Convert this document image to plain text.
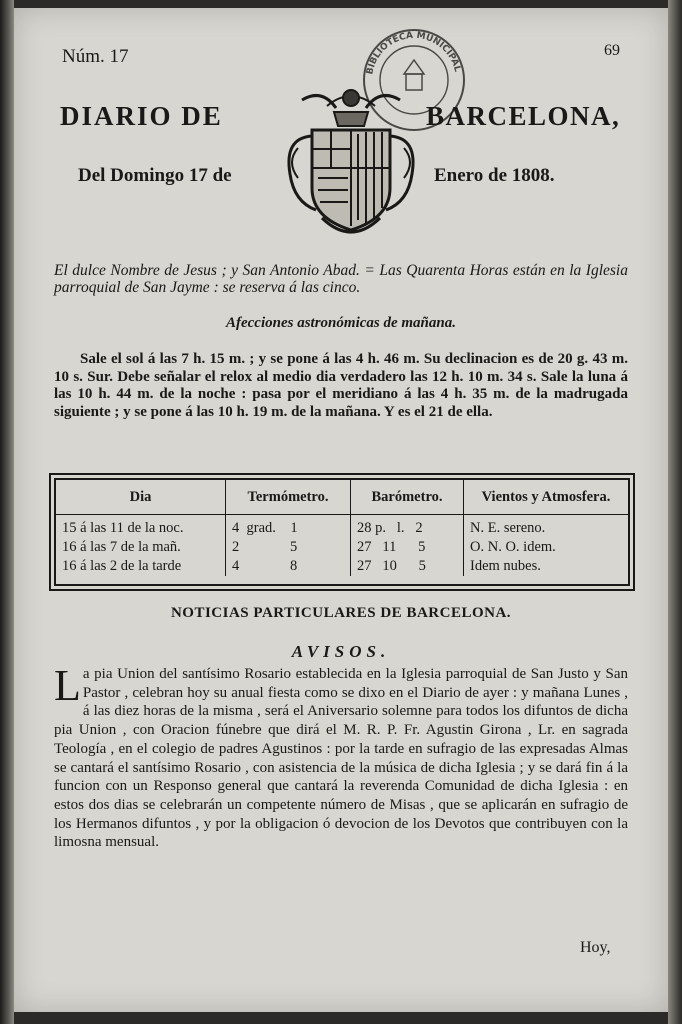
BIBLIOTECA MUNICIPAL

Núm. 17	69

DIARIO DE	BARCELONA,

Del Domingo 17 de	Enero de 1808.

El dulce Nombre de Jesus ; y San Antonio Abad. = Las Quarenta Horas están en la Iglesia parroquial de San Jayme : se reserva á las cinco.

Afecciones astronómicas de mañana.

Sale el sol á las 7 h. 15 m. ; y se pone á las 4 h. 46 m. Su declinacion es de 20 g. 43 m. 10 s. Sur. Debe señalar el relox al medio dia verdadero las 12 h. 10 m. 34 s. Sale la luna á las 10 h. 44 m. de la noche : pasa por el meridiano á las 4 h. 35 m. de la madrugada siguiente ; y se pone á las 10 h. 19 m. de la mañana. Y es el 21 de ella.

Dia	Termómetro.	Barómetro.	Vientos y Atmosfera.
15 á las 11 de la noc.	4  grad.    1	28 p.   l.   2	N. E. sereno.
16 á las 7 de la mañ.	2              5	27   11      5	O. N. O. idem.
16 á las 2 de la tarde	4              8	27   10      5	Idem nubes.
NOTICIAS PARTICULARES DE BARCELONA.
AVISOS.
L a pia Union del santísimo Rosario establecida en la Iglesia parroquial de San Justo y San Pastor , celebran hoy su anual fiesta como se dixo en el Diario de ayer : y mañana Lunes , á las diez horas de la misma , será el Aniversario solemne para todos los difuntos de dicha pia Union , con Oracion fúnebre que dirá el M. R. P. Fr. Agustin Girona , Lr. en sagrada Teología , en el colegio de padres Agustinos : por la tarde en sufragio de las expresadas Almas se cantará el santísimo Rosario , con asistencia de la música de dicha Iglesia ; y se dará fin á la funcion con un Responso general que cantará la reverenda Comunidad de dicha Iglesia : en estos dos dias se celebrarán un competente número de Misas , que se aplicarán en sufragio de los Hermanos difuntos , y por la obligacion ó devocion de los Devotos que contribuyen con la limosna mensual.

Hoy,
